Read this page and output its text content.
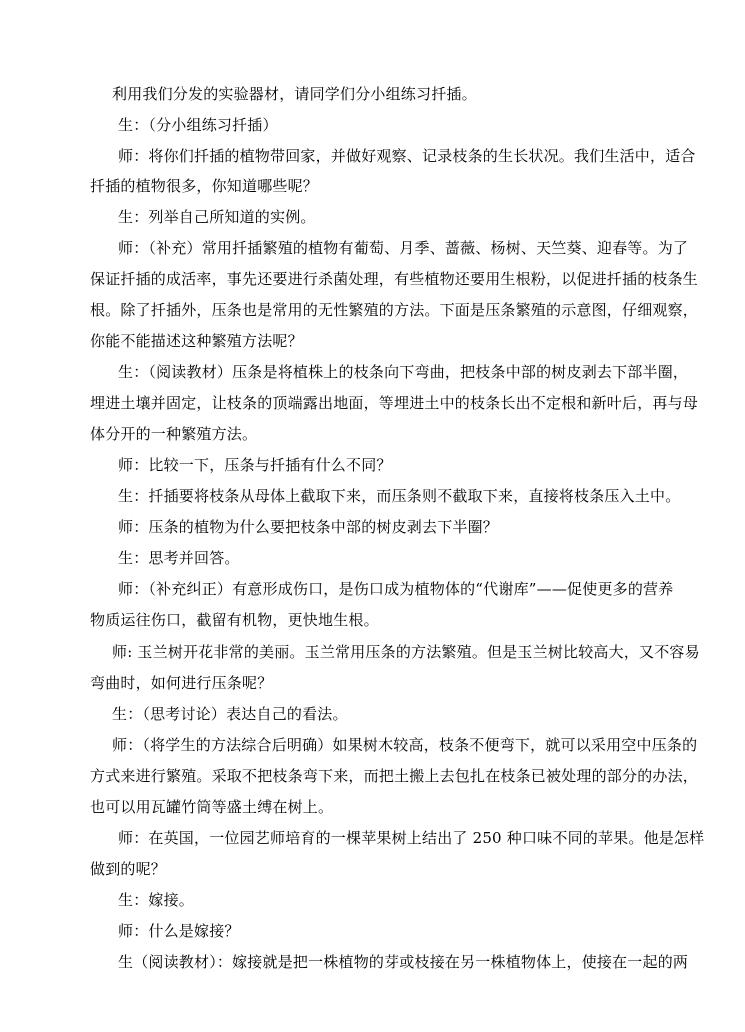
利用我们分发的实验器材，请同学们分小组练习扦插。
生：（分小组练习扦插）
师：将你们扦插的植物带回家，并做好观察、记录枝条的生长状况。我们生活中，适合
扦插的植物很多，你知道哪些呢？
生：列举自己所知道的实例。
师：（补充）常用扦插繁殖的植物有葡萄、月季、蔷薇、杨树、天竺葵、迎春等。为了
保证扦插的成活率，事先还要进行杀菌处理，有些植物还要用生根粉，以促进扦插的枝条生
根。除了扦插外，压条也是常用的无性繁殖的方法。下面是压条繁殖的示意图，仔细观察，
你能不能描述这种繁殖方法呢？
生：（阅读教材）压条是将植株上的枝条向下弯曲，把枝条中部的树皮剥去下部半圈，
埋进土壤并固定，让枝条的顶端露出地面，等埋进土中的枝条长出不定根和新叶后，再与母
体分开的一种繁殖方法。
师：比较一下，压条与扦插有什么不同？
生：扦插要将枝条从母体上截取下来，而压条则不截取下来，直接将枝条压入土中。
师：压条的植物为什么要把枝条中部的树皮剥去下半圈？
生：思考并回答。
师：（补充纠正）有意形成伤口，是伤口成为植物体的“代谢库”——促使更多的营养
物质运往伤口，截留有机物，更快地生根。
师: 玉兰树开花非常的美丽。玉兰常用压条的方法繁殖。但是玉兰树比较高大，又不容易
弯曲时，如何进行压条呢？
生：（思考讨论）表达自己的看法。
师：（将学生的方法综合后明确）如果树木较高，枝条不便弯下，就可以采用空中压条的
方式来进行繁殖。采取不把枝条弯下来，而把土搬上去包扎在枝条已被处理的部分的办法，
也可以用瓦罐竹筒等盛土缚在树上。
师：在英国，一位园艺师培育的一棵苹果树上结出了 250 种口味不同的苹果。他是怎样
做到的呢？
生：嫁接。
师：什么是嫁接？
生（阅读教材）：嫁接就是把一株植物的芽或枝接在另一株植物体上，使接在一起的两
